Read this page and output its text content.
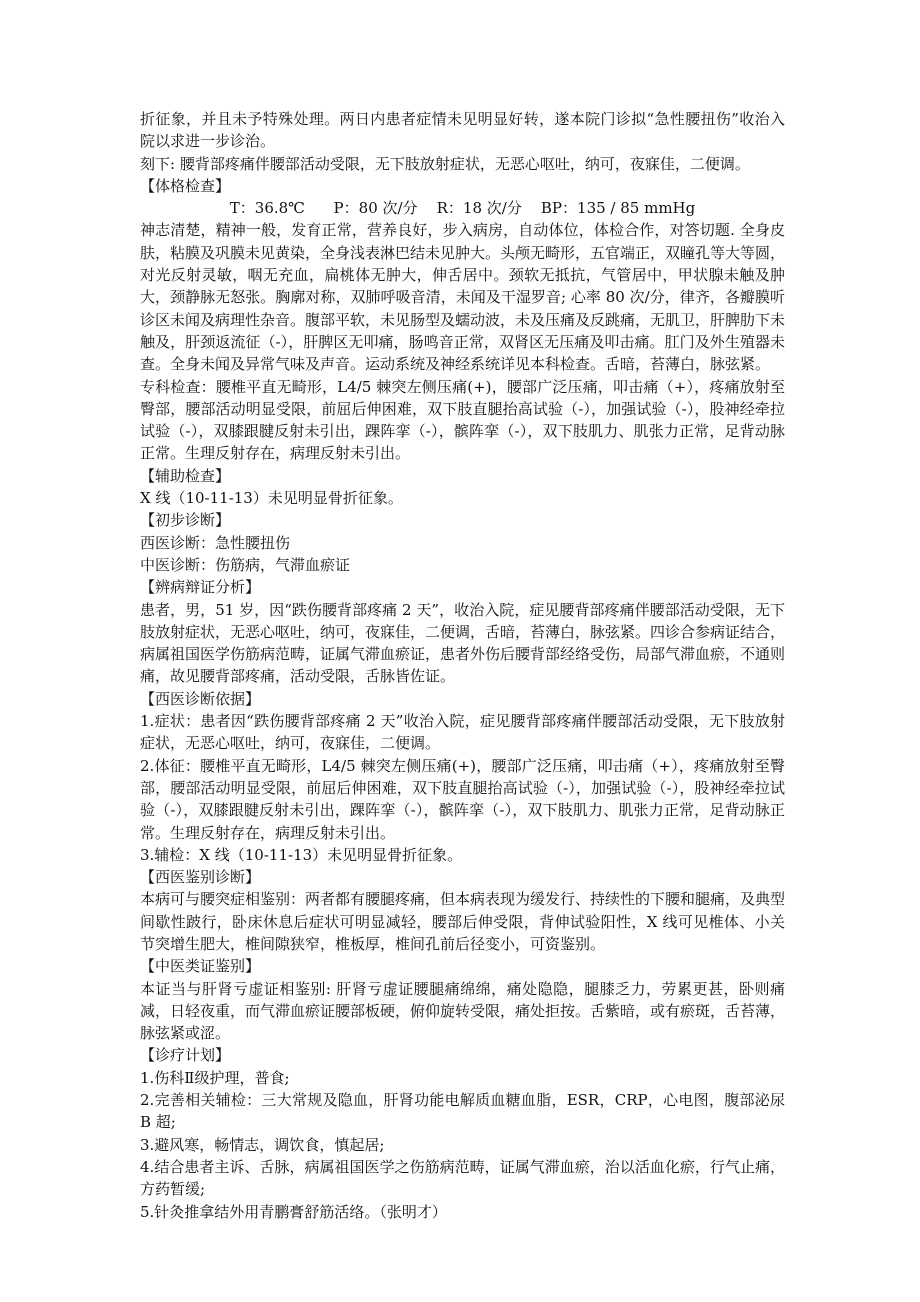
折征象，并且未予特殊处理。两日内患者症情未见明显好转，遂本院门诊拟“急性腰扭伤”收治入院以求进一步诊治。

刻下: 腰背部疼痛伴腰部活动受限，无下肢放射症状，无恶心呕吐，纳可，夜寐佳，二便调。

【体格检查】

T：36.8℃      P：80 次/分    R：18 次/分    BP：135 / 85 mmHg

神志清楚，精神一般，发育正常，营养良好，步入病房，自动体位，体检合作，对答切题. 全身皮肤，粘膜及巩膜未见黄染，全身浅表淋巴结未见肿大。头颅无畸形，五官端正，双瞳孔等大等圆，对光反射灵敏，咽无充血，扁桃体无肿大，伸舌居中。颈软无抵抗，气管居中，甲状腺未触及肿大，颈静脉无怒张。胸廓对称，双肺呼吸音清，未闻及干湿罗音; 心率 80 次/分，律齐，各瓣膜听诊区未闻及病理性杂音。腹部平软，未见肠型及蠕动波，未及压痛及反跳痛，无肌卫，肝脾肋下未触及，肝颈返流征（-），肝脾区无叩痛，肠鸣音正常，双肾区无压痛及叩击痛。肛门及外生殖器未查。全身未闻及异常气味及声音。运动系统及神经系统详见本科检查。舌暗，苔薄白，脉弦紧。

专科检查：腰椎平直无畸形，L4/5 棘突左侧压痛(+)，腰部广泛压痛，叩击痛（+），疼痛放射至臀部，腰部活动明显受限，前屈后伸困难，双下肢直腿抬高试验（-），加强试验（-），股神经牵拉试验（-），双膝跟腱反射未引出，踝阵挛（-），髌阵挛（-），双下肢肌力、肌张力正常，足背动脉正常。生理反射存在，病理反射未引出。

【辅助检查】

X 线（10-11-13）未见明显骨折征象。

【初步诊断】

西医诊断：急性腰扭伤

中医诊断：伤筋病，气滞血瘀证

【辨病辩证分析】

患者，男，51 岁，因“跌伤腰背部疼痛 2 天”，收治入院，症见腰背部疼痛伴腰部活动受限，无下肢放射症状，无恶心呕吐，纳可，夜寐佳，二便调，舌暗，苔薄白，脉弦紧。四诊合参病证结合，病属祖国医学伤筋病范畴，证属气滞血瘀证，患者外伤后腰背部经络受伤，局部气滞血瘀，不通则痛，故见腰背部疼痛，活动受限，舌脉皆佐证。

【西医诊断依据】

1.症状：患者因“跌伤腰背部疼痛 2 天”收治入院，症见腰背部疼痛伴腰部活动受限，无下肢放射症状，无恶心呕吐，纳可，夜寐佳，二便调。

2.体征：腰椎平直无畸形，L4/5 棘突左侧压痛(+)，腰部广泛压痛，叩击痛（+），疼痛放射至臀部，腰部活动明显受限，前屈后伸困难，双下肢直腿抬高试验（-），加强试验（-），股神经牵拉试验（-），双膝跟腱反射未引出，踝阵挛（-），髌阵挛（-），双下肢肌力、肌张力正常，足背动脉正常。生理反射存在，病理反射未引出。

3.辅检：X 线（10-11-13）未见明显骨折征象。

【西医鉴别诊断】

本病可与腰突症相鉴别：两者都有腰腿疼痛，但本病表现为缓发行、持续性的下腰和腿痛，及典型间歇性跛行，卧床休息后症状可明显减轻，腰部后伸受限，背伸试验阳性，X 线可见椎体、小关节突增生肥大，椎间隙狭窄，椎板厚，椎间孔前后径变小，可资鉴别。

【中医类证鉴别】

本证当与肝肾亏虚证相鉴别: 肝肾亏虚证腰腿痛绵绵，痛处隐隐，腿膝乏力，劳累更甚，卧则痛减，日轻夜重，而气滞血瘀证腰部板硬，俯仰旋转受限，痛处拒按。舌紫暗，或有瘀斑，舌苔薄，脉弦紧或涩。

【诊疗计划】

1.伤科Ⅱ级护理，普食;

2.完善相关辅检：三大常规及隐血，肝肾功能电解质血糖血脂，ESR，CRP，心电图，腹部泌尿 B 超;

3.避风寒，畅情志，调饮食，慎起居;

4.结合患者主诉、舌脉，病属祖国医学之伤筋病范畴，证属气滞血瘀，治以活血化瘀，行气止痛，方药暂缓;

5.针灸推拿结外用青鹏膏舒筋活络。（张明才）
